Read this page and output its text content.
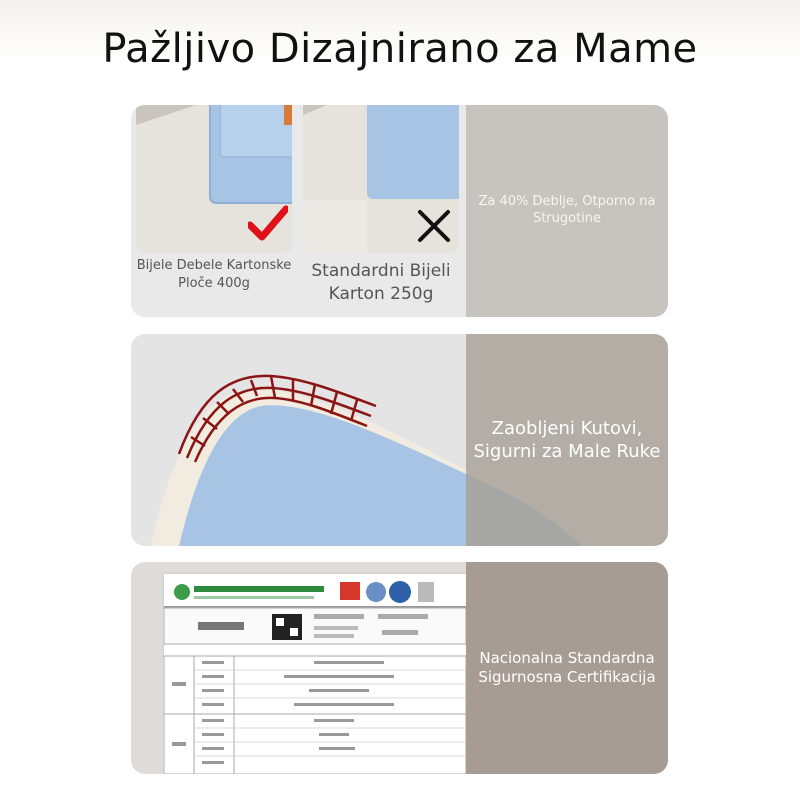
Pažljivo Dizajnirano za Mame
Bijele Debele Kartonske Ploče 400g
Standardni Bijeli Karton 250g
Za 40% Deblje, Otporno na Strugotine
Zaobljeni Kutovi, Sigurni za Male Ruke
Nacionalna Standardna Sigurnosna Certifikacija
